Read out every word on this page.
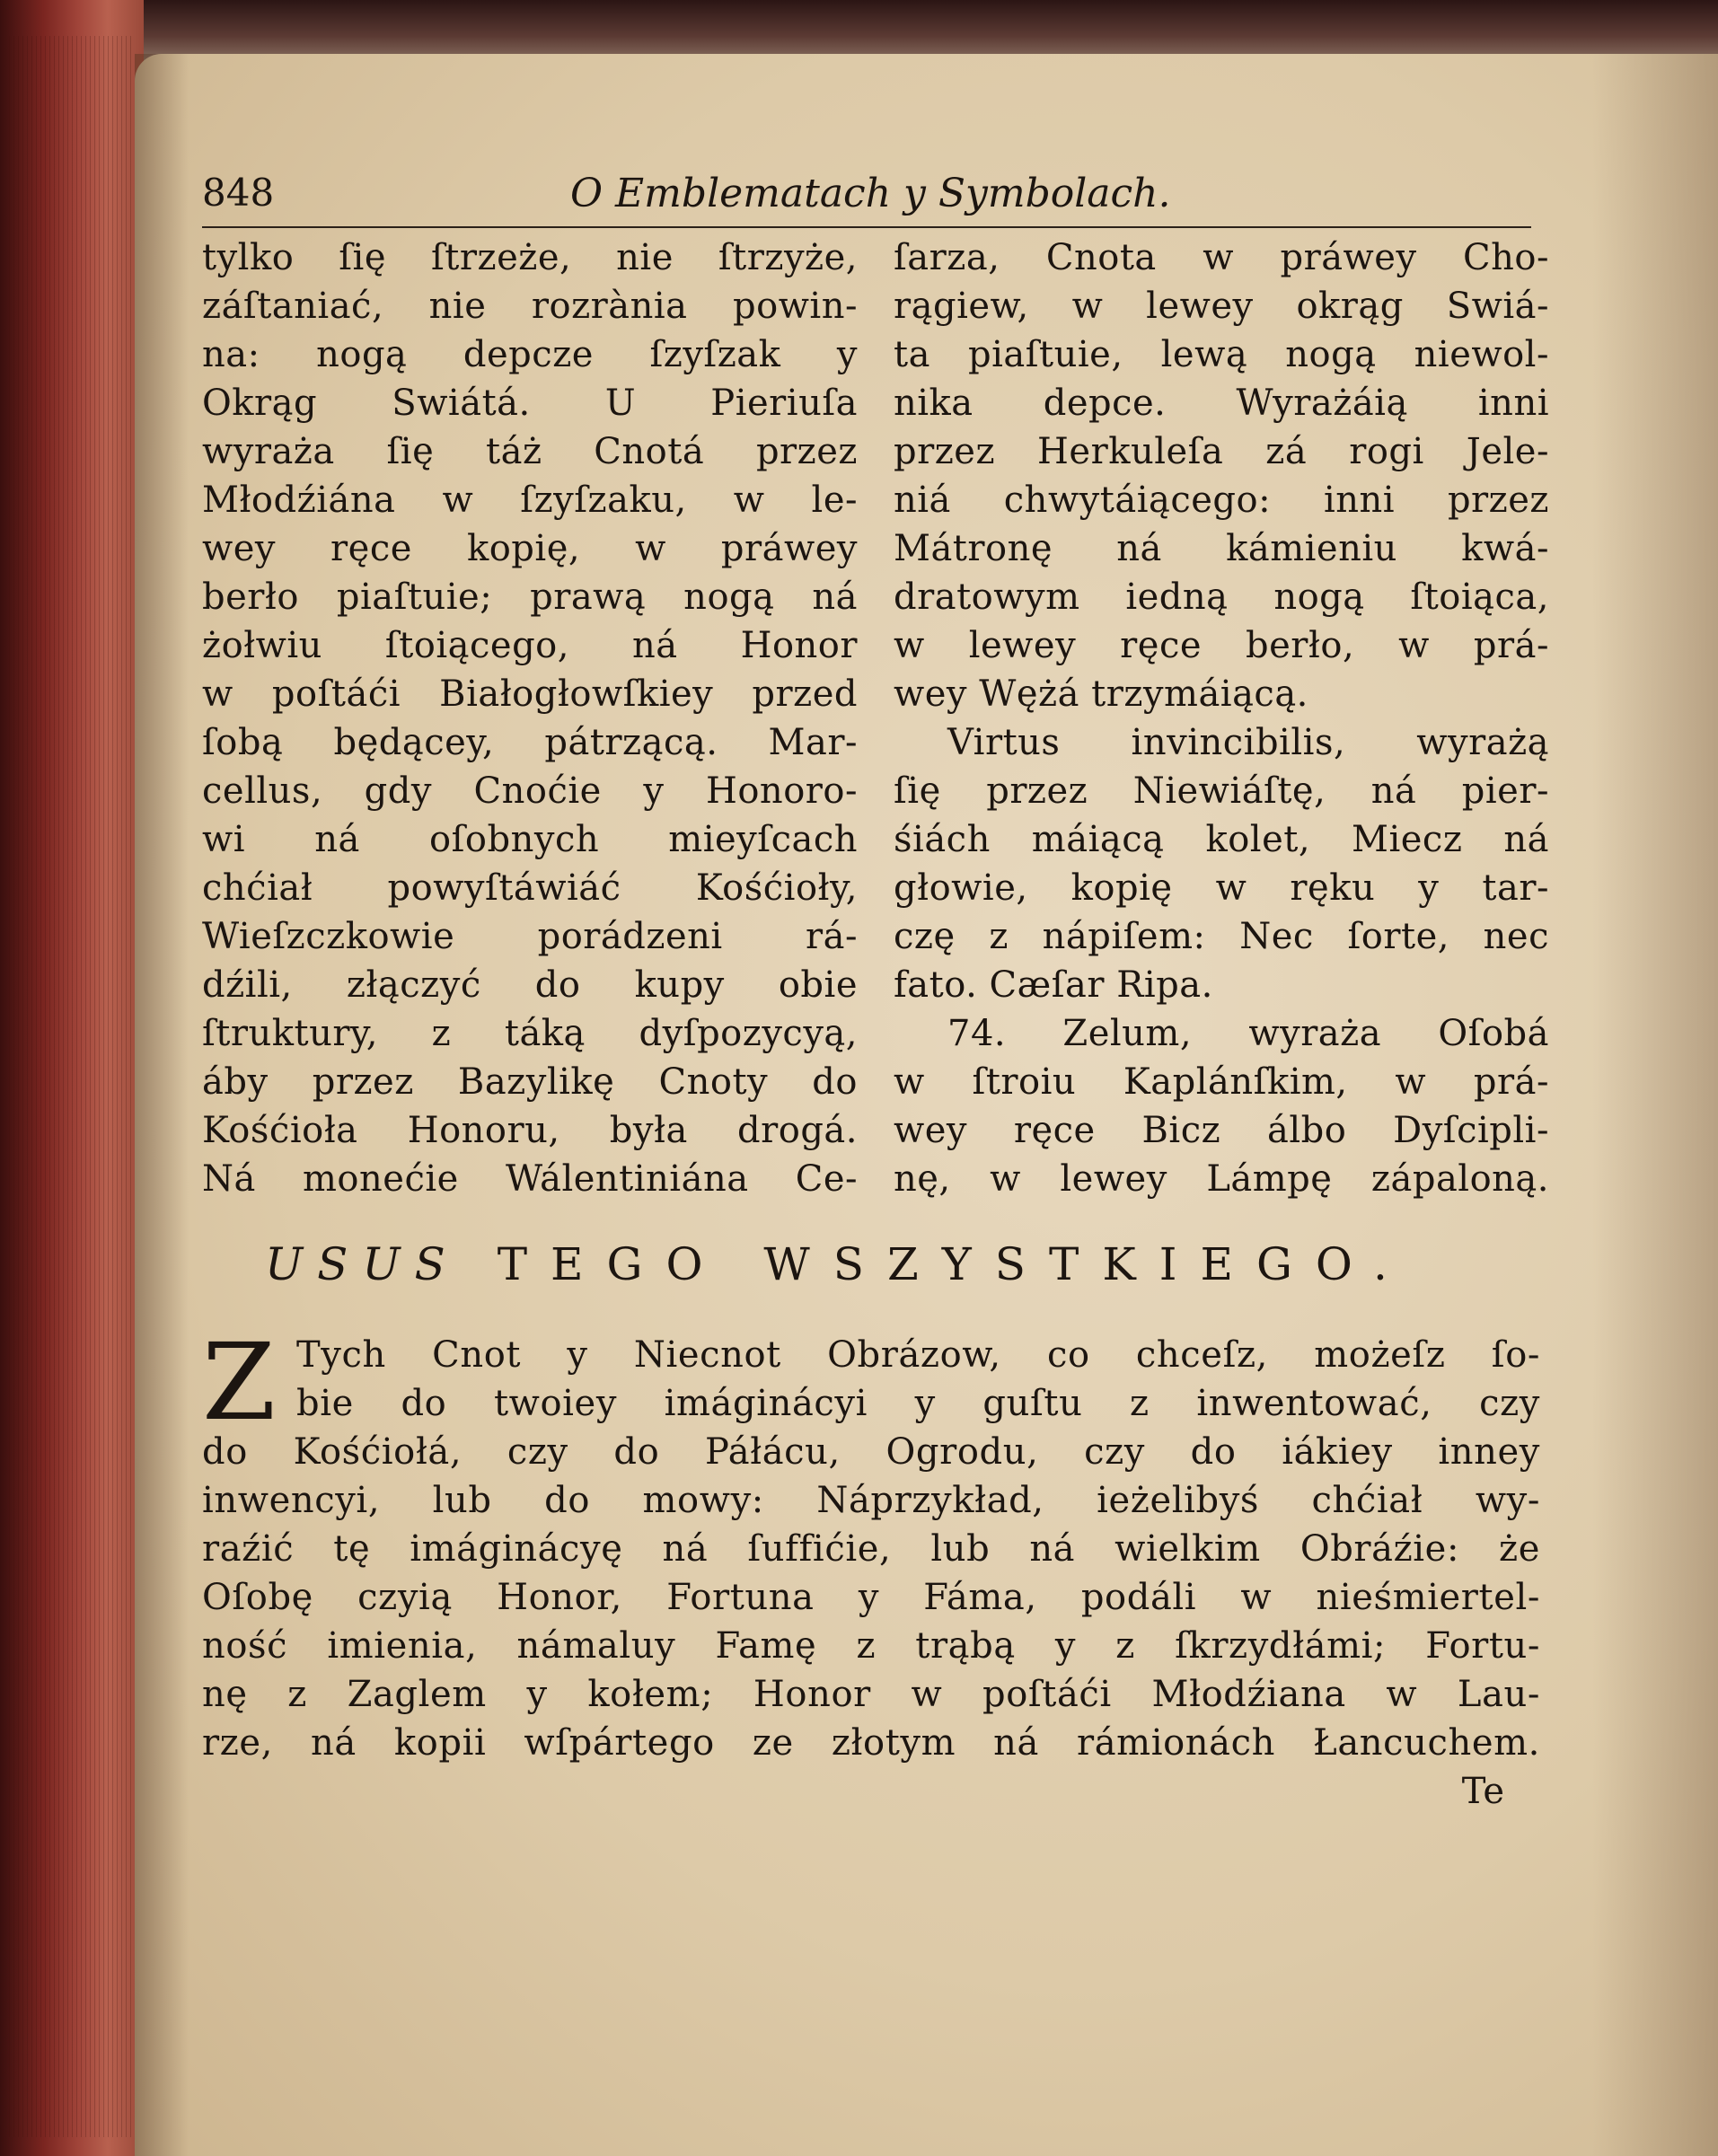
848	O Emblematach y Symbolach.
tylko ſię ſtrzeże, nie ſtrzyże,
záſtaniać, nie rozrània powin-
na: nogą depcze ſzyſzak y
Okrąg Swiátá. U Pieriuſa
wyraża ſię táż Cnotá przez
Młodźiána w ſzyſzaku, w le-
wey ręce kopię, w práwey
berło piaſtuie; prawą nogą ná
żołwiu ſtoiącego, ná Honor
w poſtáći Białogłowſkiey przed
ſobą będącey, pátrzącą. Mar-
cellus, gdy Cnoćie y Honoro-
wi ná oſobnych mieyſcach
chćiał powyſtáwiáć Kośćioły,
Wieſzczkowie porádzeni rá-
dźili, złączyć do kupy obie
ſtruktury, z táką dyſpozycyą,
áby przez Bazylikę Cnoty do
Kośćioła Honoru, była drogá.
Ná monećie Wálentiniána Ce-
ſarza, Cnota w práwey Cho-
rągiew, w lewey okrąg Swiá-
ta piaſtuie, lewą nogą niewol-
nika depce. Wyrażáią inni
przez Herkuleſa zá rogi Jele-
niá chwytáiącego: inni przez
Mátronę ná kámieniu kwá-
dratowym iedną nogą ſtoiąca,
w lewey ręce berło, w prá-
wey Wężá trzymáiącą.
Virtus invincibilis, wyrażą
ſię przez Niewiáſtę, ná pier-
śiách máiącą kolet, Miecz ná
głowie, kopię w ręku y tar-
czę z nápiſem: Nec ſorte, nec
fato. Cæſar Ripa.
74. Zelum, wyraża Oſobá
w ſtroiu Kaplánſkim, w prá-
wey ręce Bicz álbo Dyſcipli-
nę, w lewey Lámpę zápaloną.
USUS TEGO WSZYSTKIEGO.
Z Tych Cnot y Niecnot Obrázow, co chceſz, możeſz ſo-
bie do twoiey imáginácyi y guſtu z inwentować, czy
do Kośćiołá, czy do Páłácu, Ogrodu, czy do iákiey inney
inwencyi, lub do mowy: Náprzykład, ieżelibyś chćiał wy-
raźić tę imáginácyę ná ſuffićie, lub ná wielkim Obráźie: że
Oſobę czyią Honor, Fortuna y Fáma, podáli w nieśmiertel-
ność imienia, námaluy Famę z trąbą y z ſkrzydłámi; Fortu-
nę z Zaglem y kołem; Honor w poſtáći Młodźiana w Lau-
rze, ná kopii wſpártego ze złotym ná rámionách Łancuchem.
Te
